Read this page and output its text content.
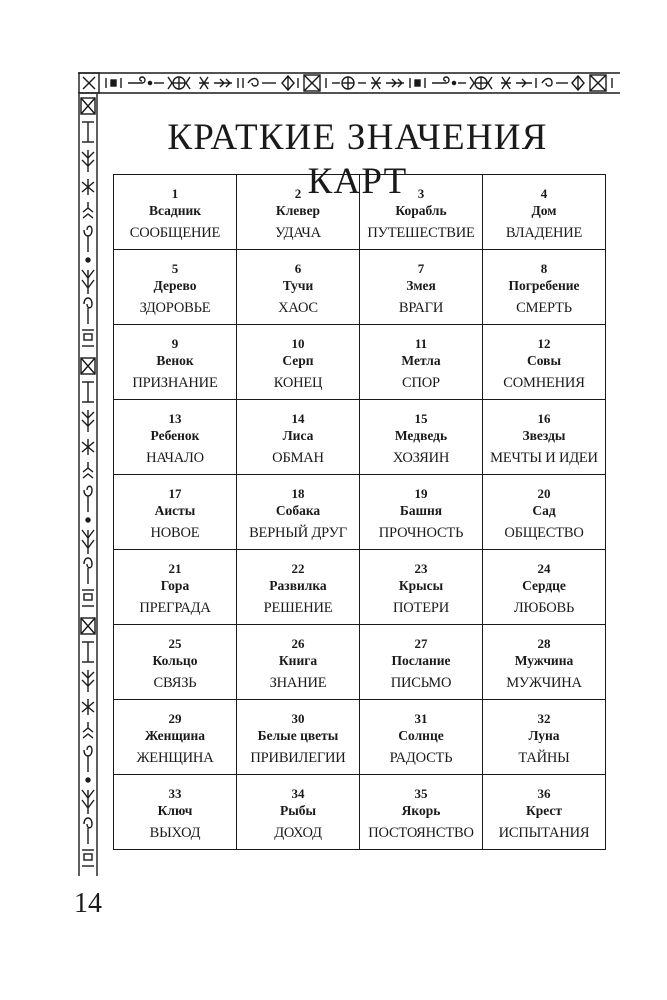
КРАТКИЕ ЗНАЧЕНИЯ КАРТ
1
Всадник
СООБЩЕНИЕ	2
Клевер
УДАЧА	3
Корабль
ПУТЕШЕСТВИЕ	4
Дом
ВЛАДЕНИЕ

5
Дерево
ЗДОРОВЬЕ	6
Тучи
ХАОС	7
Змея
ВРАГИ	8
Погребение
СМЕРТЬ

9
Венок
ПРИЗНАНИЕ	10
Серп
КОНЕЦ	11
Метла
СПОР	12
Совы
СОМНЕНИЯ

13
Ребенок
НАЧАЛО	14
Лиса
ОБМАН	15
Медведь
ХОЗЯИН	16
Звезды
МЕЧТЫ И ИДЕИ

17
Аисты
НОВОЕ	18
Собака
ВЕРНЫЙ ДРУГ	19
Башня
ПРОЧНОСТЬ	20
Сад
ОБЩЕСТВО

21
Гора
ПРЕГРАДА	22
Развилка
РЕШЕНИЕ	23
Крысы
ПОТЕРИ	24
Сердце
ЛЮБОВЬ

25
Кольцо
СВЯЗЬ	26
Книга
ЗНАНИЕ	27
Послание
ПИСЬМО	28
Мужчина
МУЖЧИНА

29
Женщина
ЖЕНЩИНА	30
Белые цветы
ПРИВИЛЕГИИ	31
Солнце
РАДОСТЬ	32
Луна
ТАЙНЫ

33
Ключ
ВЫХОД	34
Рыбы
ДОХОД	35
Якорь
ПОСТОЯНСТВО	36
Крест
ИСПЫТАНИЯ
14
